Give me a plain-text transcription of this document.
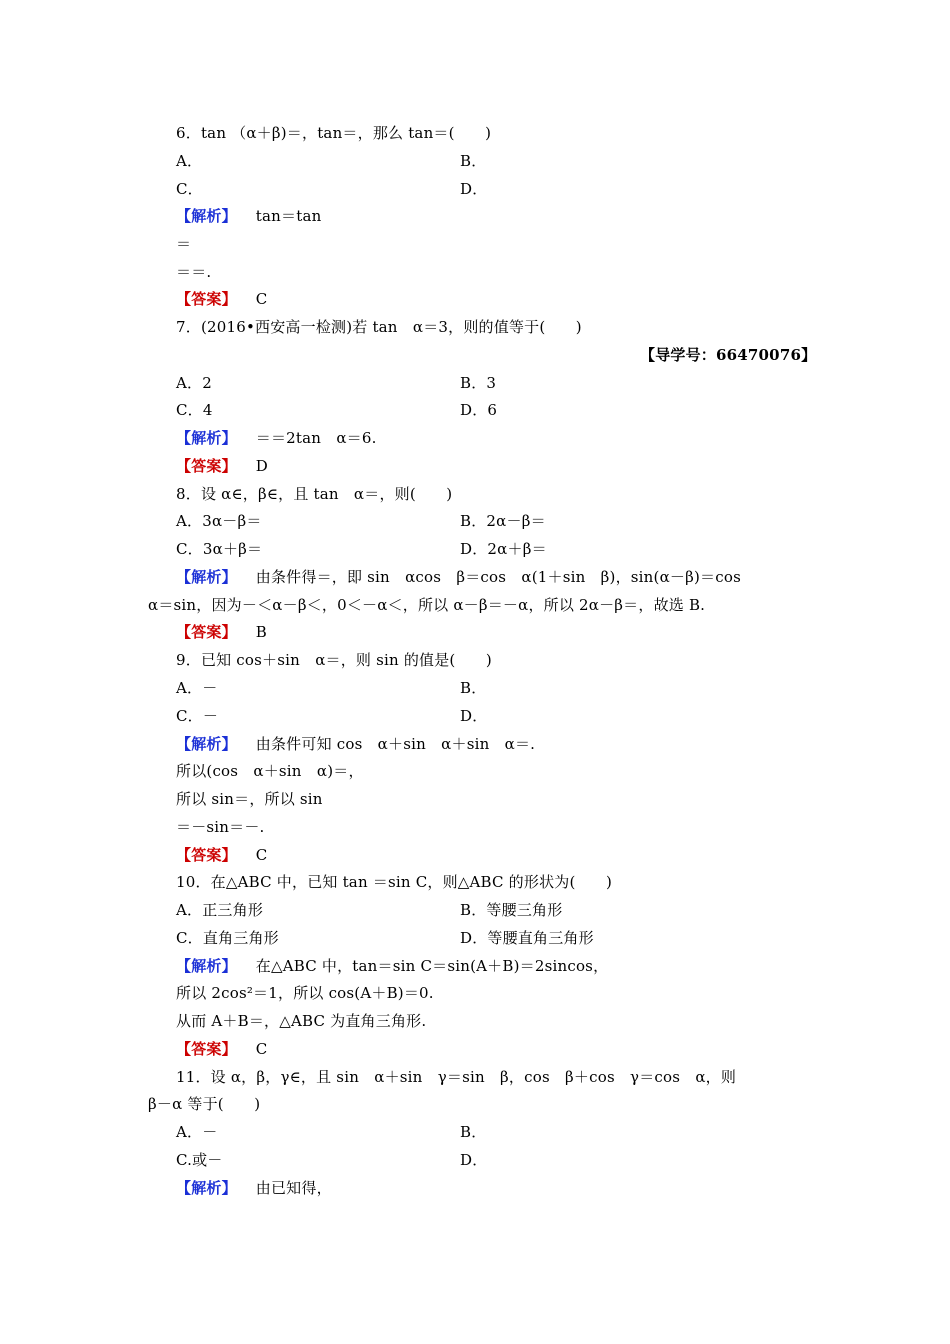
6．tan （α＋β)＝，tan＝，那么 tan＝(　　)
A．	B．
C．	D．
【解析】 tan＝tan
＝
＝＝.
【答案】 C
7．(2016•西安高一检测)若 tan　α＝3，则的值等于(　　)
【导学号：66470076】
A．2	B．3
C．4	D．6
【解析】 ＝＝2tan　α＝6.
【答案】 D
8．设 α∈，β∈，且 tan　α＝，则(　　)
A．3α－β＝	B．2α－β＝
C．3α＋β＝	D．2α＋β＝
【解析】 由条件得＝，即 sin　αcos　β＝cos　α(1＋sin　β)，sin(α－β)＝cos
α＝sin，因为－＜α－β＜，0＜－α＜，所以 α－β＝－α，所以 2α－β＝，故选 B.
【答案】 B
9．已知 cos＋sin　α＝，则 sin 的值是(　　)
A．－	B．
C．－	D．
【解析】 由条件可知 cos　α＋sin　α＋sin　α＝.
所以(cos　α＋sin　α)＝，
所以 sin＝，所以 sin
＝－sin＝－.
【答案】 C
10．在△ABC 中，已知 tan ＝sin C，则△ABC 的形状为(　　)
A．正三角形	B．等腰三角形
C．直角三角形	D．等腰直角三角形
【解析】 在△ABC 中，tan＝sin C＝sin(A＋B)＝2sincos，
所以 2cos²＝1，所以 cos(A＋B)＝0.
从而 A＋B＝，△ABC 为直角三角形.
【答案】 C
11．设 α，β，γ∈，且 sin　α＋sin　γ＝sin　β，cos　β＋cos　γ＝cos　α，则
β－α 等于(　　)
A．－	B．
C.或－	D．
【解析】 由已知得，
